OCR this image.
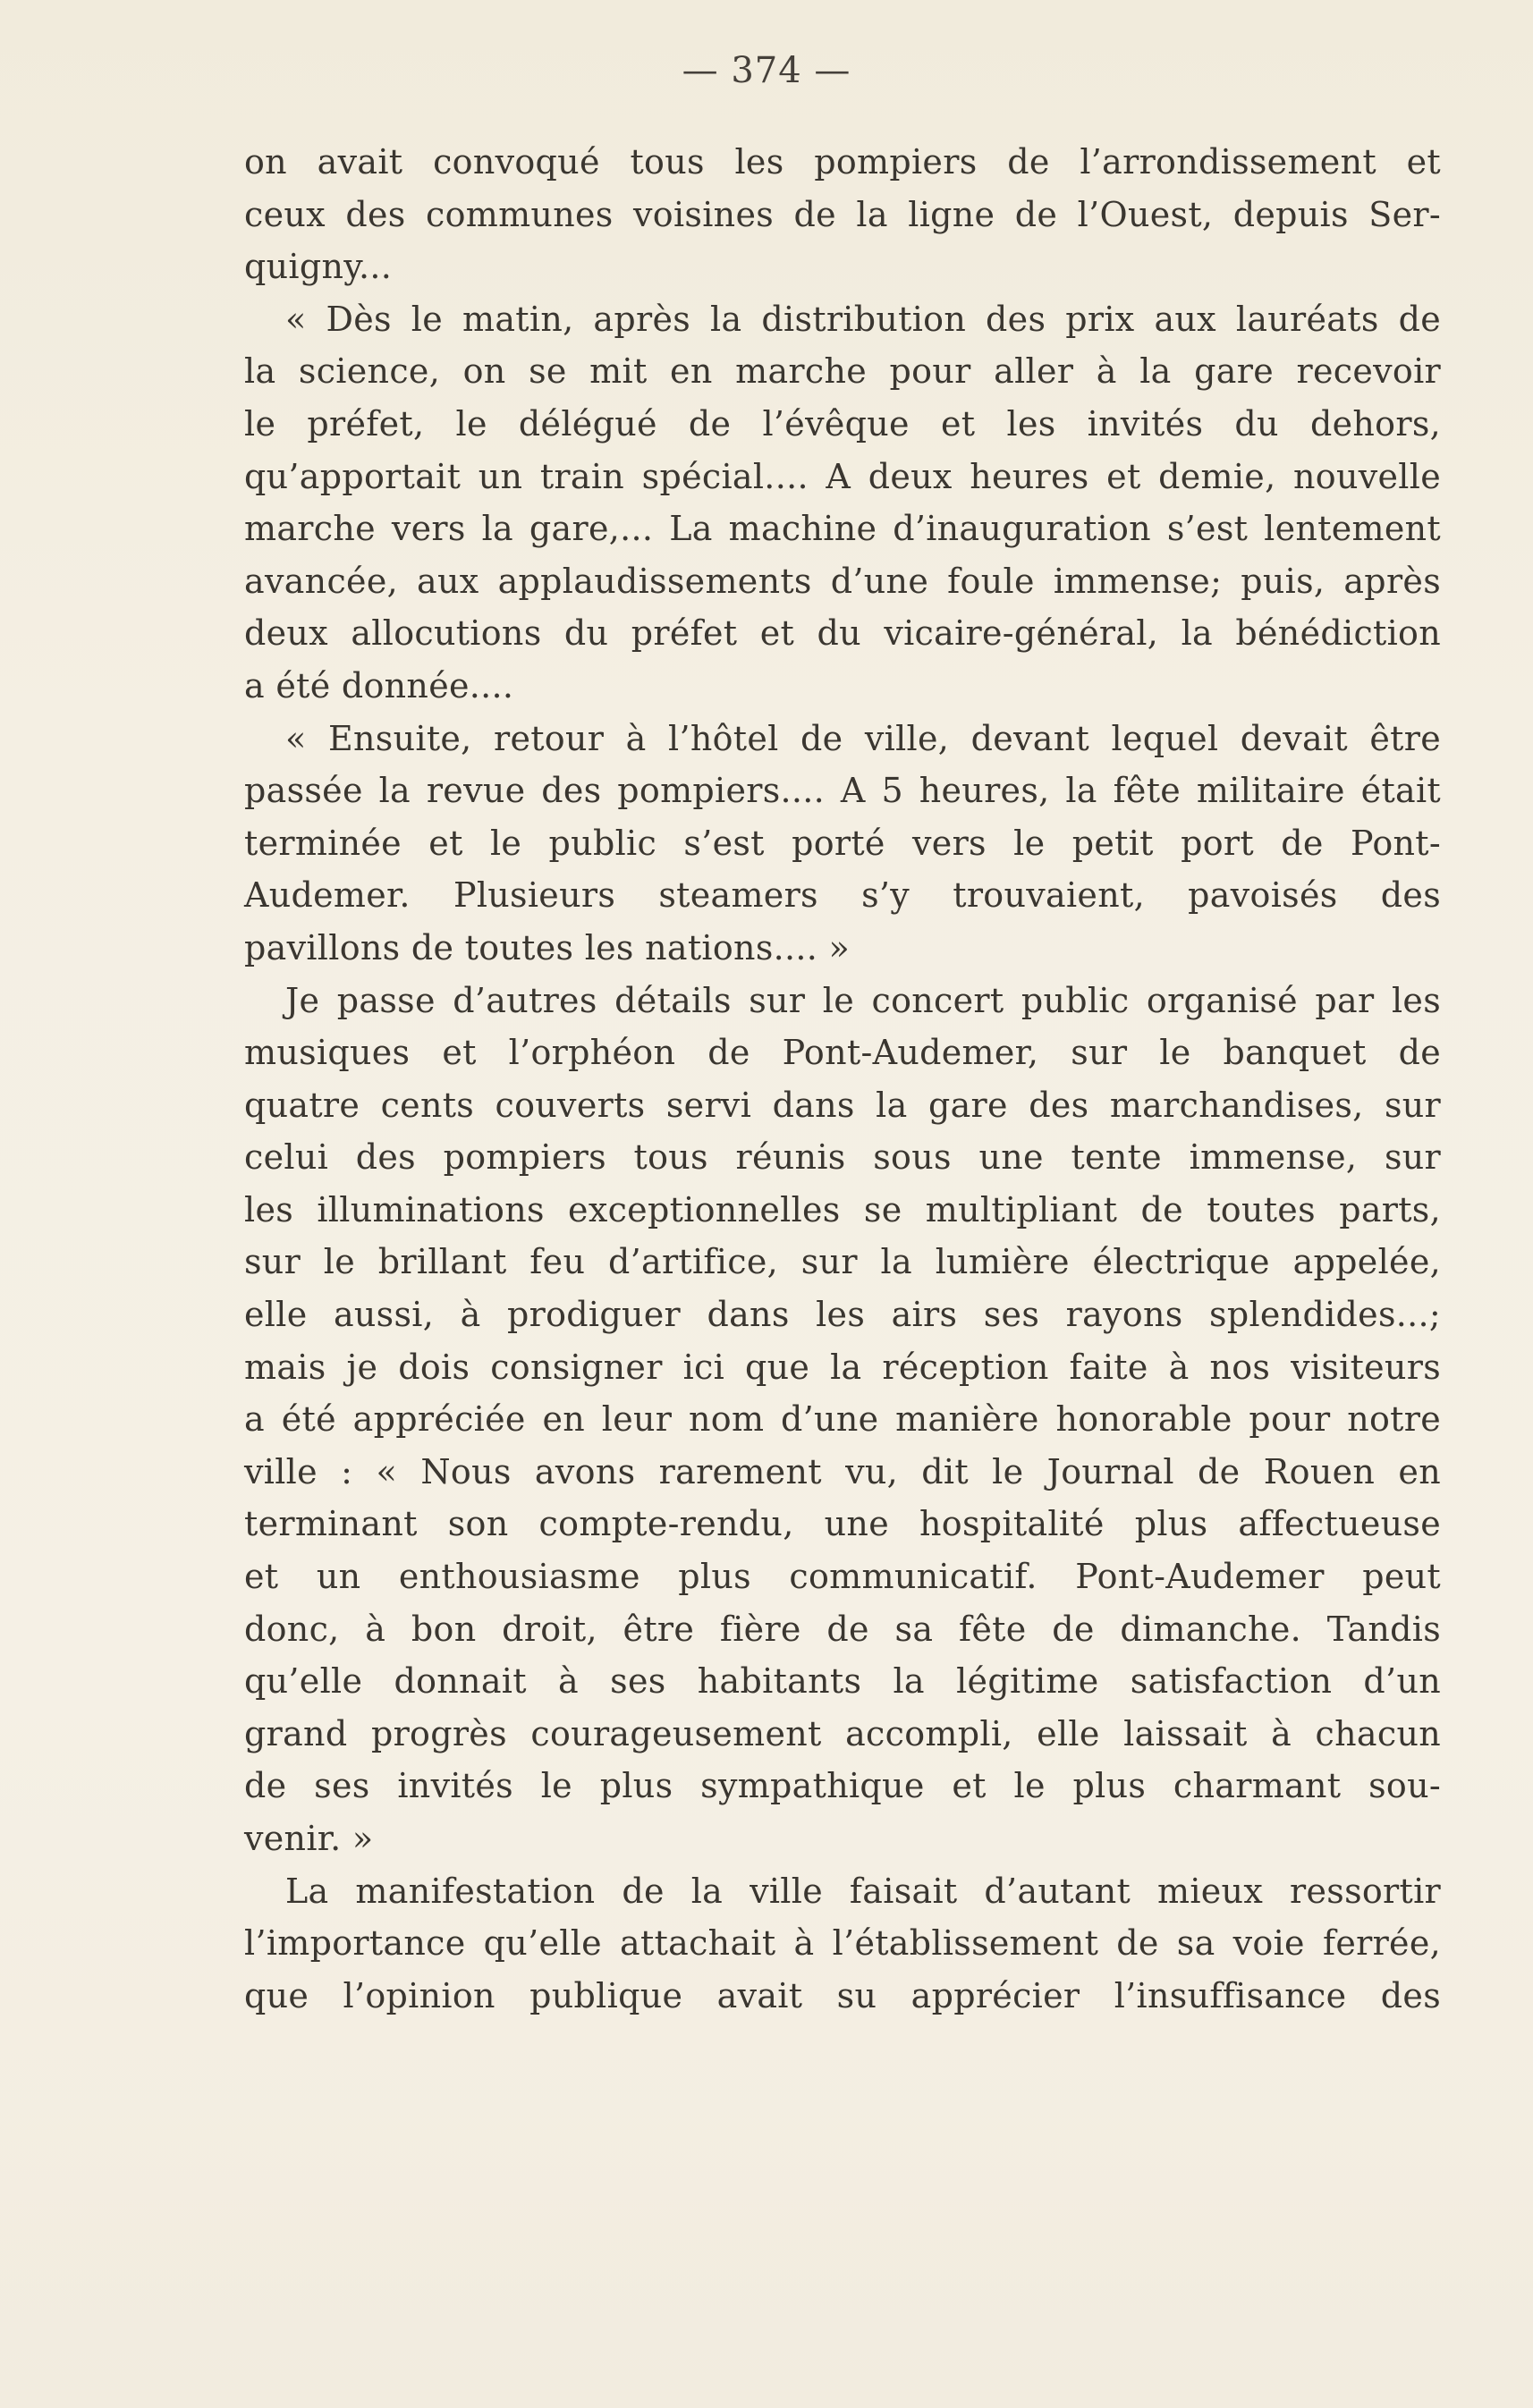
— 374 —
on avait convoqué tous les pompiers de l’arrondissement et
ceux des communes voisines de la ligne de l’Ouest, depuis Ser-
quigny...
« Dès le matin, après la distribution des prix aux lauréats de
la science, on se mit en marche pour aller à la gare recevoir
le préfet, le délégué de l’évêque et les invités du dehors,
qu’apportait un train spécial.... A deux heures et demie, nouvelle
marche vers la gare,... La machine d’inauguration s’est lentement
avancée, aux applaudissements d’une foule immense; puis, après
deux allocutions du préfet et du vicaire-général, la bénédiction
a été donnée....
« Ensuite, retour à l’hôtel de ville, devant lequel devait être
passée la revue des pompiers.... A 5 heures, la fête militaire était
terminée et le public s’est porté vers le petit port de Pont-
Audemer. Plusieurs steamers s’y trouvaient, pavoisés des
pavillons de toutes les nations.... »
Je passe d’autres détails sur le concert public organisé par les
musiques et l’orphéon de Pont-Audemer, sur le banquet de
quatre cents couverts servi dans la gare des marchandises, sur
celui des pompiers tous réunis sous une tente immense, sur
les illuminations exceptionnelles se multipliant de toutes parts,
sur le brillant feu d’artifice, sur la lumière électrique appelée,
elle aussi, à prodiguer dans les airs ses rayons splendides...;
mais je dois consigner ici que la réception faite à nos visiteurs
a été appréciée en leur nom d’une manière honorable pour notre
ville : « Nous avons rarement vu, dit le Journal de Rouen en
terminant son compte-rendu, une hospitalité plus affectueuse
et un enthousiasme plus communicatif. Pont-Audemer peut
donc, à bon droit, être fière de sa fête de dimanche. Tandis
qu’elle donnait à ses habitants la légitime satisfaction d’un
grand progrès courageusement accompli, elle laissait à chacun
de ses invités le plus sympathique et le plus charmant sou-
venir. »
La manifestation de la ville faisait d’autant mieux ressortir
l’importance qu’elle attachait à l’établissement de sa voie ferrée,
que l’opinion publique avait su apprécier l’insuffisance des
